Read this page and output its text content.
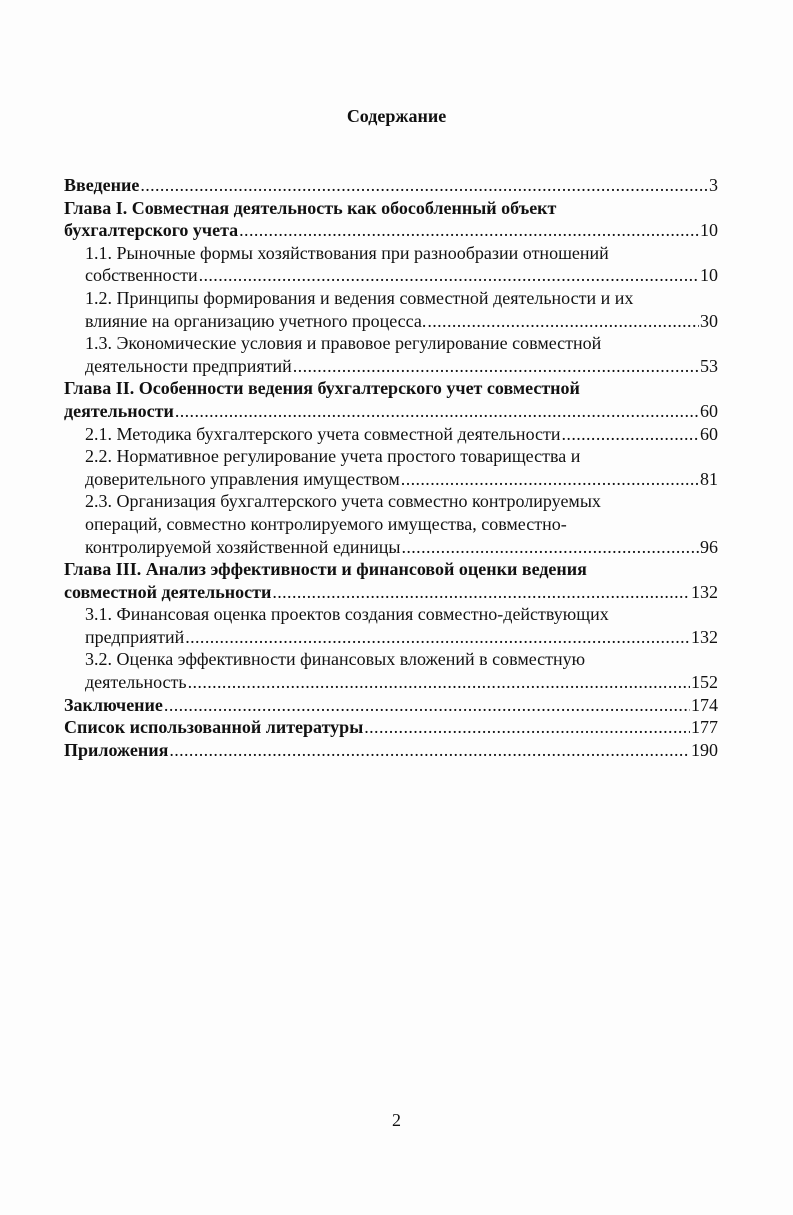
Содержание
Введение .....	3
Глава I. Совместная деятельность как обособленный объект
бухгалтерского учета .....	10
1.1. Рыночные формы хозяйствования при разнообразии отношений
собственности .....	10
1.2. Принципы формирования и ведения совместной деятельности и их
влияние на организацию учетного процесса. .....	30
1.3. Экономические условия и правовое регулирование совместной
деятельности предприятий .....	53
Глава II. Особенности ведения бухгалтерского учет совместной
деятельности .....	60
2.1. Методика бухгалтерского учета совместной деятельности .....	60
2.2. Нормативное регулирование учета простого товарищества и
доверительного управления имуществом .....	81
2.3. Организация бухгалтерского учета совместно контролируемых
операций, совместно контролируемого имущества, совместно-
контролируемой хозяйственной единицы .....	96
Глава III. Анализ эффективности и финансовой оценки ведения
совместной деятельности .....	132
3.1. Финансовая оценка проектов создания совместно-действующих
предприятий .....	132
3.2. Оценка эффективности финансовых вложений в совместную
деятельность .....	152
Заключение .....	174
Список использованной литературы .....	177
Приложения .....	190
2
